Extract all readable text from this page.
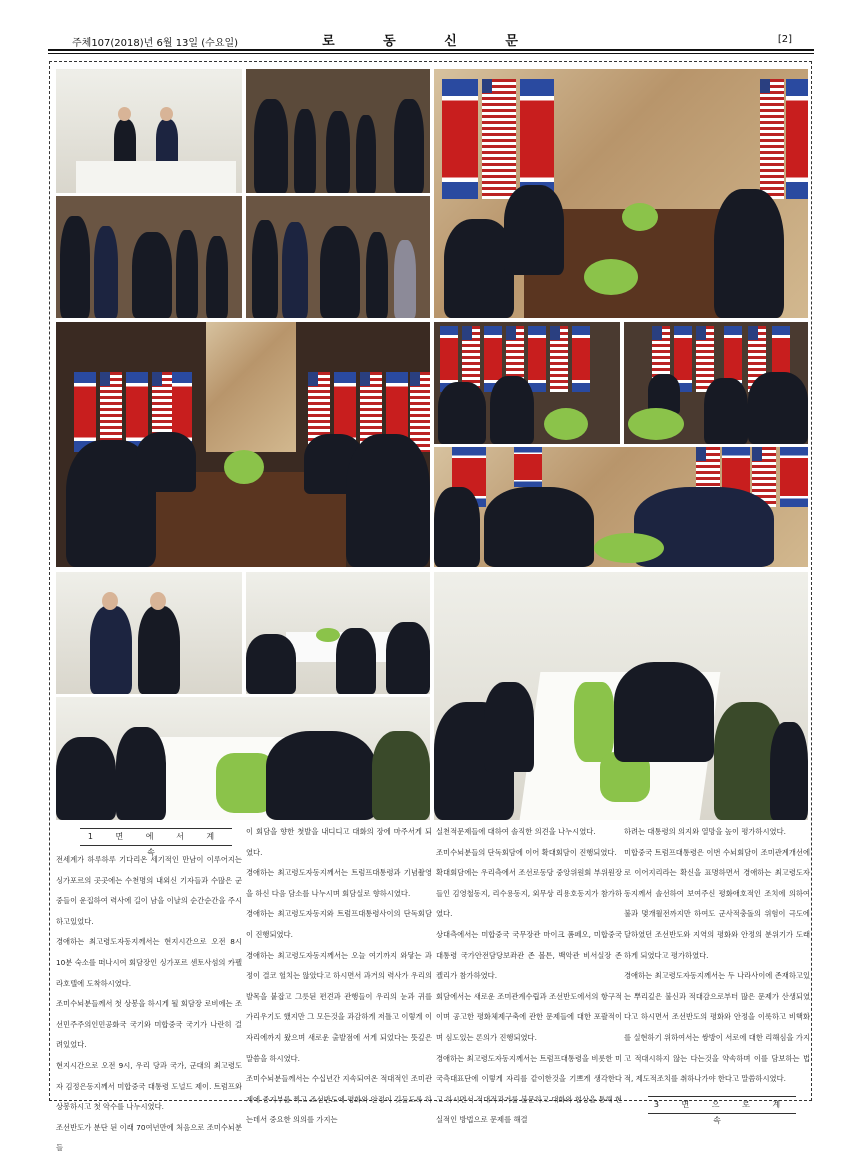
주체107(2018)년 6월 13일 (수요일)	로 동 신 문	[2]
1 면 에 서 계 속

전세계가 하루하루 기다리온 세기적인 만남이 이루어지는 싱가포르의 곳곳에는 수천명의 내외신 기자들과 수많은 군중들이 운집하여 력사에 길이 남을 이날의 순간순간을 주시하고있었다.

경애하는 최고령도자동지께서는 현지시간으로 오전 8시 10분 숙소를 떠나시여 회담장인 싱가포르 센토사섬의 카펠라호텔에 도착하시였다.

조미수뇌분들께서 첫 상봉을 하시게 될 회담장 로비에는 조선민주주의인민공화국 국기와 미합중국 국기가 나란히 걸려있었다.

현지시간으로 오전 9시, 우리 당과 국가, 군대의 최고령도자 김정은동지께서 미합중국 대통령 도널드 제이. 트럼프와 상봉하시고 첫 악수를 나누시였다.

조선반도가 분단 된 이래 70여년만에 처음으로 조미수뇌분들

이 회담을 향한 첫발을 내디디고 대화의 장에 마주서게 되였다.

경애하는 최고령도자동지께서는 트럼프대통령과 기념촬영을 하신 다음 담소를 나누시며 회담실로 향하시였다.

경애하는 최고령도자동지와 트럼프대통령사이의 단독회담이 진행되였다.

경애하는 최고령도자동지께서는 오늘 여기까지 와닿는 과정이 결코 헐치는 않았다고 하시면서 과거의 력사가 우리의 발목을 붙잡고 그릇된 편견과 관행들이 우리의 눈과 귀를 가리우기도 했지만 그 모든것을 과감하게 저틀고 이렇게 이 자리에까지 왔으며 새로운 출발점에 서게 되었다는 뜻깊은 말씀을 하시였다.

조미수뇌분들께서는 수십년간 지속되여온 적대적인 조미관계에 종지부를 찍고 조선반도에 평화와 안정이 깃들도록 하는데서 중요한 의의를 가지는

실천적문제들에 대하여 솔직한 의견을 나누시였다.

조미수뇌분들의 단독회담에 이어 확대회담이 진행되였다.

확대회담에는 우리측에서 조선로동당 중앙위원회 부위원장들인 김영철동지, 리수용동지, 외무상 리용호동지가 참가하였다.

상대측에서는 미합중국 국무장관 마이크 폼페오, 미합중국 대통령 국가안전담당보좌관 존 볼튼, 백악관 비서실장 존 켈리가 참가하였다.

회담에서는 새로운 조미관계수립과 조선반도에서의 항구적이며 공고한 평화체제구축에 관한 문제들에 대한 포괄적이며 심도있는 론의가 진행되였다.

경애하는 최고령도자동지께서는 트럼프대통령을 비롯한 미국측대표단에 이렇게 자리를 같이한것을 기쁘게 생각한다고 하시면서 적대적과거를 불문하고 대화와 협상을 통해 현실적인 방법으로 문제를 해결

하려는 대통령의 의지와 열망을 높이 평가하시였다.

미합중국 트럼프대통령은 이번 수뇌회담이 조미관계개선에로 이어지리라는 확신을 표명하면서 경애하는 최고령도자동지께서 솔선하여 보여주신 평화애호적인 조치에 의하여 불과 몇개월전까지만 하여도 군사적충돌의 위험이 극도에 달하였던 조선반도와 지역의 평화와 안정의 분위기가 도래하게 되였다고 평가하였다.

경애하는 최고령도자동지께서는 두 나라사이에 존재하고있는 뿌리깊은 불신과 적대감으로부터 많은 문제가 산생되였다고 하시면서 조선반도의 평화와 안정을 이룩하고 비핵화를 실현하기 위하여서는 쌍방이 서로에 대한 리해심을 가지고 적대시하지 않는 다는것을 약속하며 이를 담보하는 법적, 제도적조치를 취하나가야 한다고 말씀하시였다.

3 면 으 로 계 속
